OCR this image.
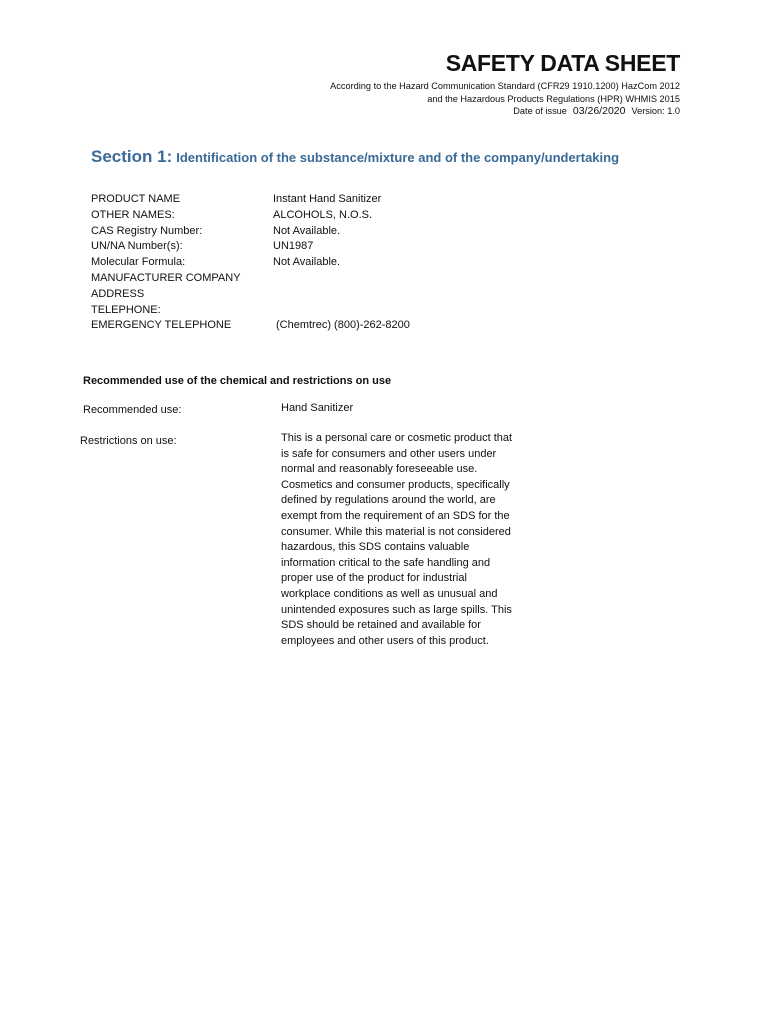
SAFETY DATA SHEET
According to the Hazard Communication Standard (CFR29 1910.1200) HazCom 2012
and the Hazardous Products Regulations (HPR) WHMIS 2015
Date of issue 03/26/2020 Version: 1.0
Section 1: Identification of the substance/mixture and of the company/undertaking
PRODUCT NAME	Instant Hand Sanitizer
OTHER NAMES:	ALCOHOLS, N.O.S.
CAS Registry Number:	Not Available.
UN/NA Number(s):	UN1987
Molecular Formula:	Not Available.
MANUFACTURER COMPANY
ADDRESS
TELEPHONE:
EMERGENCY TELEPHONE	(Chemtrec) (800)-262-8200
Recommended use of the chemical and restrictions on use
Recommended use:	Hand Sanitizer
Restrictions on use:	This is a personal care or cosmetic product that
is safe for consumers and other users under
normal and reasonably foreseeable use.
Cosmetics and consumer products, specifically
defined by regulations around the world, are
exempt from the requirement of an SDS for the
consumer. While this material is not considered
hazardous, this SDS contains valuable
information critical to the safe handling and
proper use of the product for industrial
workplace conditions as well as unusual and
unintended exposures such as large spills. This
SDS should be retained and available for
employees and other users of this product.
